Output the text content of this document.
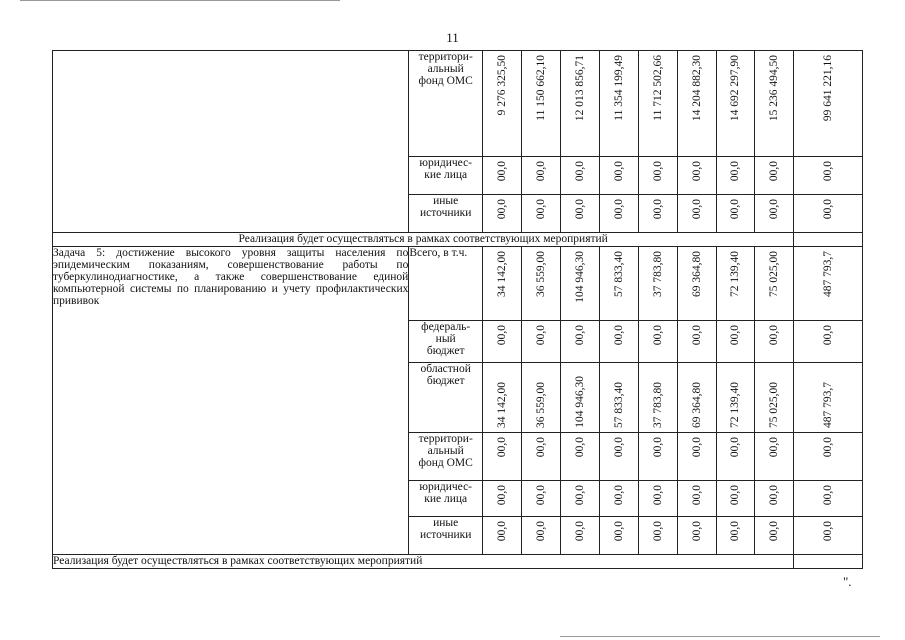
11
	территори-
альный
фонд ОМС	9 276 325,50	11 150 662,10	12 013 856,71	11 354 199,49	11 712 502,66	14 204 882,30	14 692 297,90	15 236 494,50	99 641 221,16

	юридичес-
кие лица	00,0	00,0	00,0	00,0	00,0	00,0	00,0	00,0	00,0

	иные
источники	00,0	00,0	00,0	00,0	00,0	00,0	00,0	00,0	00,0

Реализация будет осуществляться в рамках соответствующих мероприятий										
Задача 5: достижение высокого уровня защиты населения по эпидемическим показаниям, совершенствование работы по туберкулинодиагностике, а также совершенствование единой компьютерной системы по планированию и учету профилактических прививок	Всего, в т.ч.	34 142,00	36 559,00	104 946,30	57 833,40	37 783,80	69 364,80	72 139,40	75 025,00	487 793,7

	федераль-
ный
бюджет	00,0	00,0	00,0	00,0	00,0	00,0	00,0	00,0	00,0

	областной
бюджет	34 142,00	36 559,00	104 946,30	57 833,40	37 783,80	69 364,80	72 139,40	75 025,00	487 793,7

	территори-
альный
фонд ОМС	00,0	00,0	00,0	00,0	00,0	00,0	00,0	00,0	00,0

	юридичес-
кие лица	00,0	00,0	00,0	00,0	00,0	00,0	00,0	00,0	00,0

	иные
источники	00,0	00,0	00,0	00,0	00,0	00,0	00,0	00,0	00,0

Реализация будет осуществляться в рамках соответствующих мероприятий										
".
